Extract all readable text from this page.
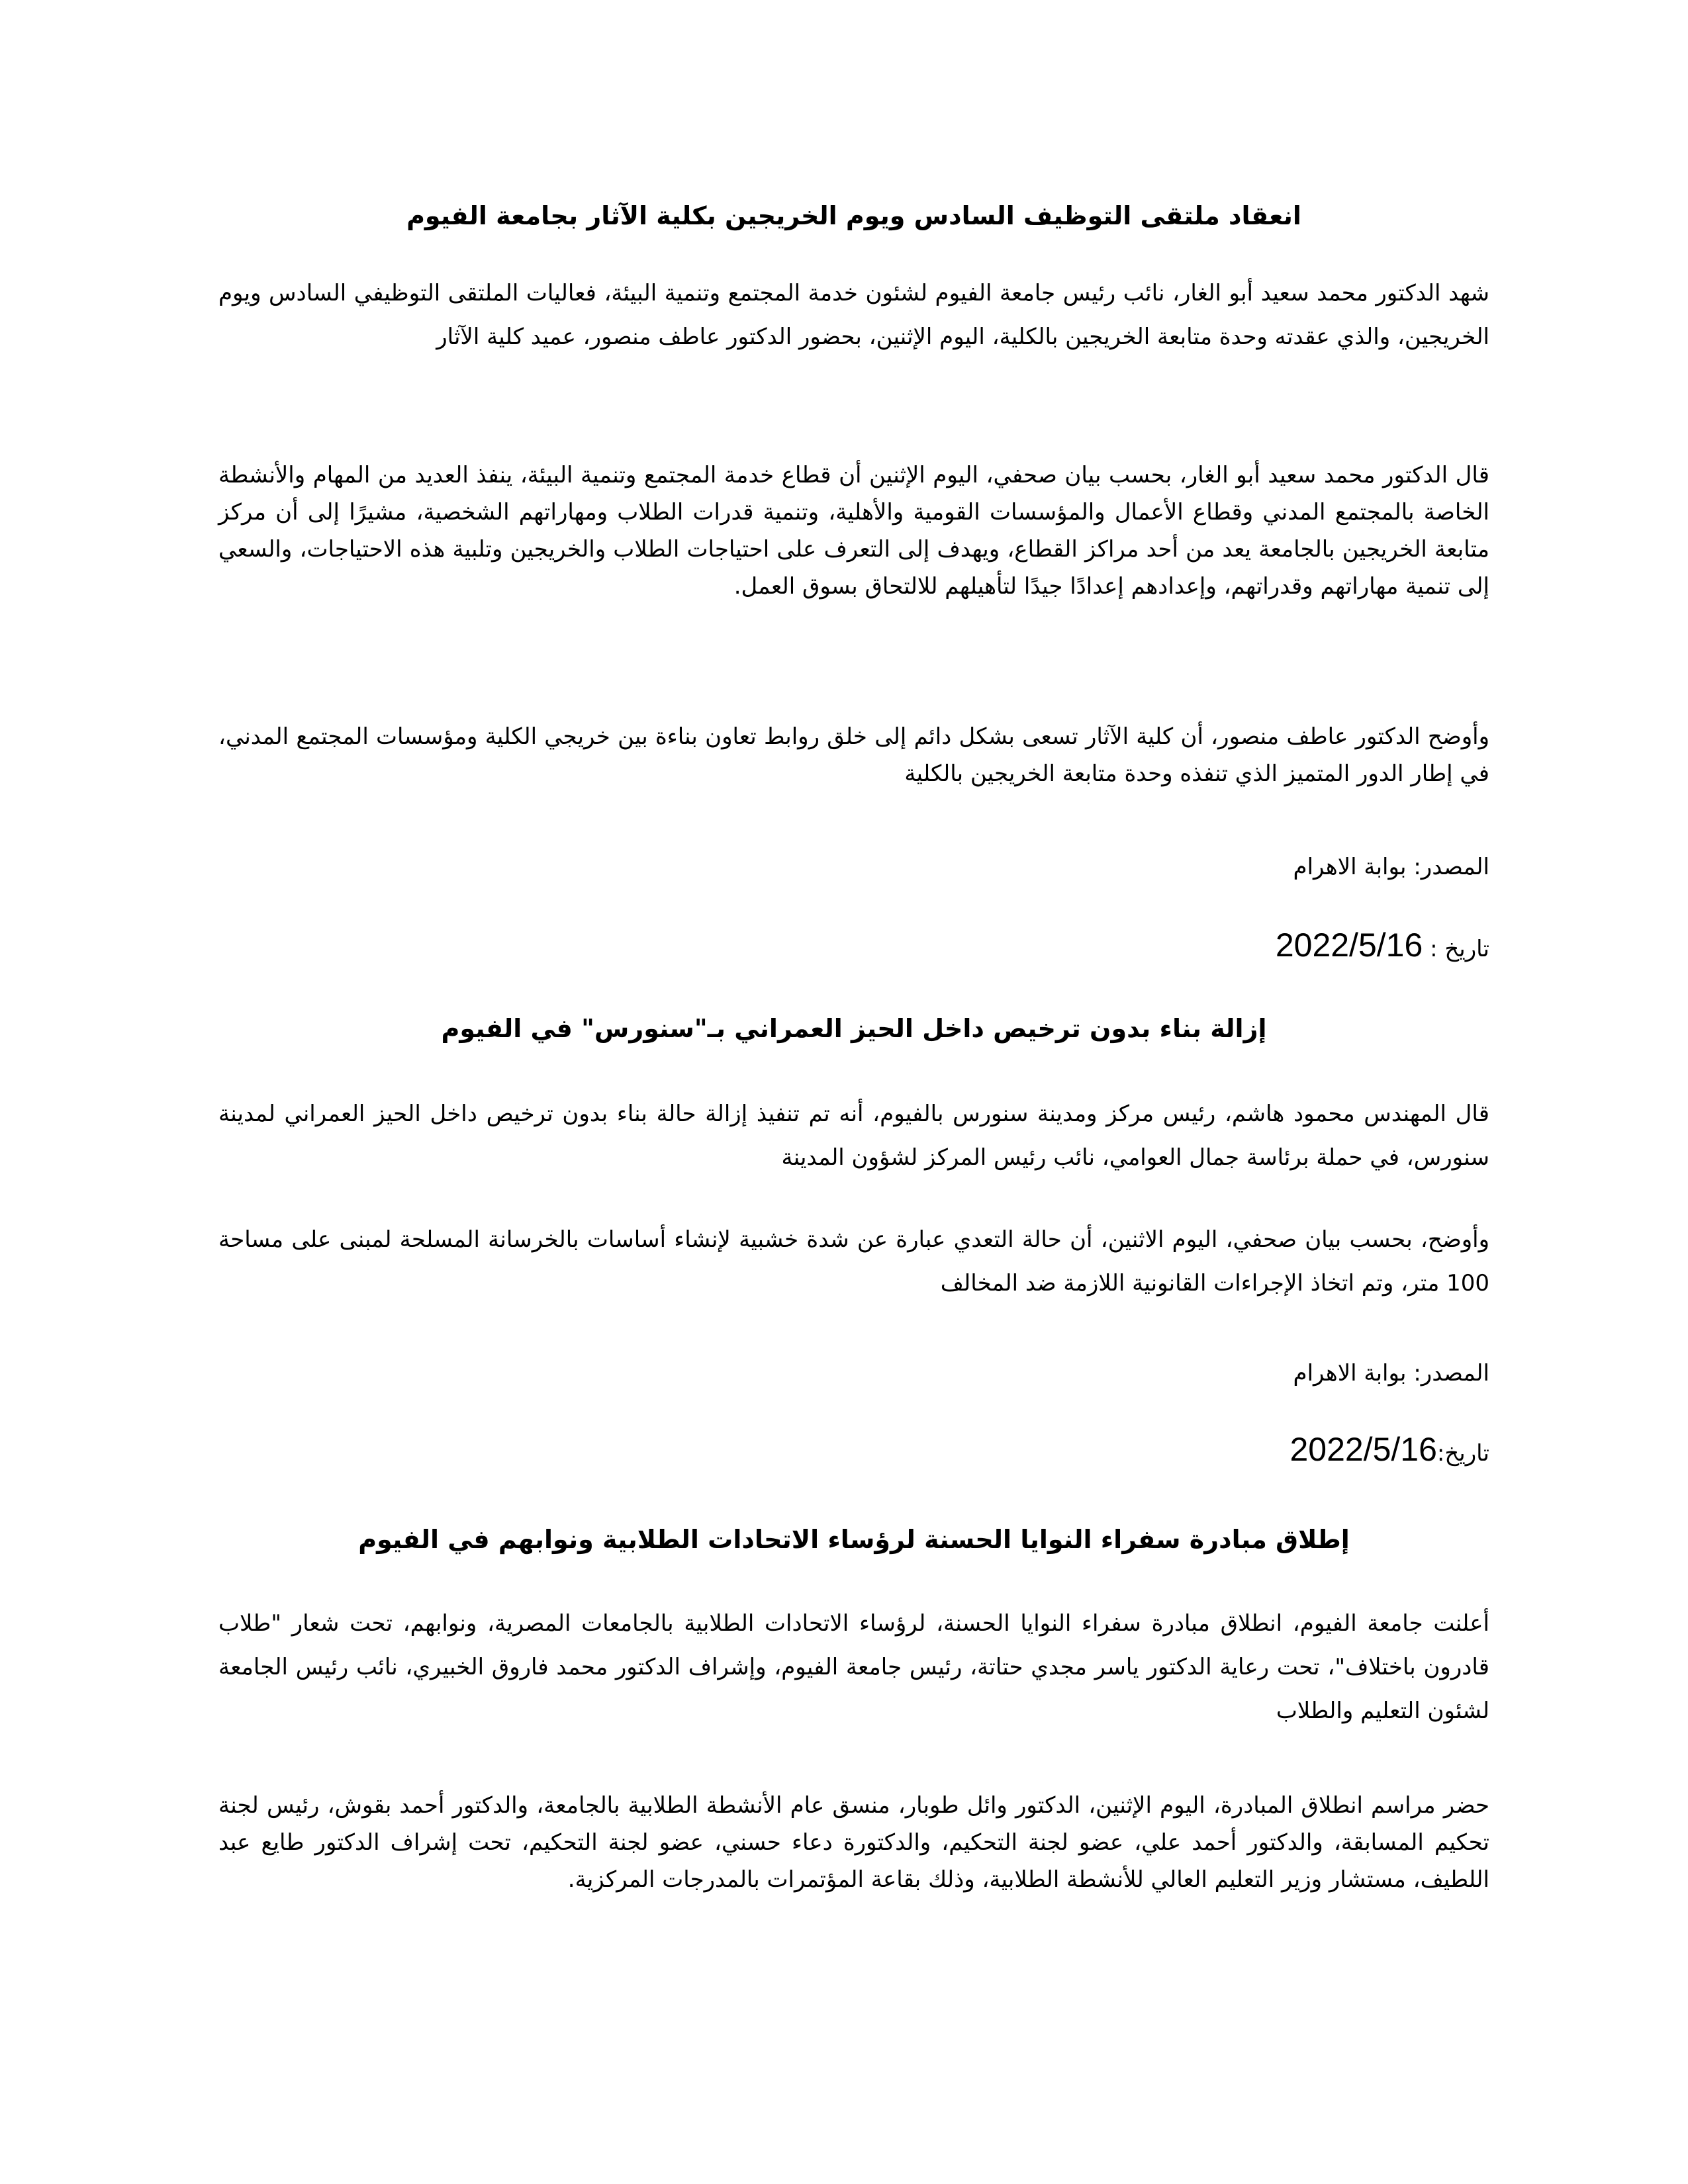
انعقاد ملتقى التوظيف السادس ويوم الخريجين بكلية الآثار بجامعة الفيوم

شهد الدكتور محمد سعيد أبو الغار، نائب رئيس جامعة الفيوم لشئون خدمة المجتمع وتنمية البيئة، فعاليات الملتقى التوظيفي السادس ويوم الخريجين، والذي عقدته وحدة متابعة الخريجين بالكلية، اليوم الإثنين، بحضور الدكتور عاطف منصور، عميد كلية الآثار

قال الدكتور محمد سعيد أبو الغار، بحسب بيان صحفي، اليوم الإثنين أن قطاع خدمة المجتمع وتنمية البيئة، ينفذ العديد من المهام والأنشطة الخاصة بالمجتمع المدني وقطاع الأعمال والمؤسسات القومية والأهلية، وتنمية قدرات الطلاب ومهاراتهم الشخصية، مشيرًا إلى أن مركز متابعة الخريجين بالجامعة يعد من أحد مراكز القطاع، ويهدف إلى التعرف على احتياجات الطلاب والخريجين وتلبية هذه الاحتياجات، والسعي إلى تنمية مهاراتهم وقدراتهم، وإعدادهم إعدادًا جيدًا لتأهيلهم للالتحاق بسوق العمل.

وأوضح الدكتور عاطف منصور، أن كلية الآثار تسعى بشكل دائم إلى خلق روابط تعاون بناءة بين خريجي الكلية ومؤسسات المجتمع المدني، في إطار الدور المتميز الذي تنفذه وحدة متابعة الخريجين بالكلية

المصدر: بوابة الاهرام

تاريخ : 2022/5/16

إزالة بناء بدون ترخيص داخل الحيز العمراني بـ"سنورس" في الفيوم

قال المهندس محمود هاشم، رئيس مركز ومدينة سنورس بالفيوم، أنه تم تنفيذ إزالة حالة بناء بدون ترخيص داخل الحيز العمراني لمدينة سنورس، في حملة برئاسة جمال العوامي، نائب رئيس المركز لشؤون المدينة

وأوضح، بحسب بيان صحفي، اليوم الاثنين، أن حالة التعدي عبارة عن شدة خشبية لإنشاء أساسات بالخرسانة المسلحة لمبنى على مساحة 100 متر، وتم اتخاذ الإجراءات القانونية اللازمة ضد المخالف

المصدر: بوابة الاهرام

تاريخ:2022/5/16

إطلاق مبادرة سفراء النوايا الحسنة لرؤساء الاتحادات الطلابية ونوابهم في الفيوم

أعلنت جامعة الفيوم، انطلاق مبادرة سفراء النوايا الحسنة، لرؤساء الاتحادات الطلابية بالجامعات المصرية، ونوابهم، تحت شعار "طلاب قادرون باختلاف"، تحت رعاية الدكتور ياسر مجدي حتاتة، رئيس جامعة الفيوم، وإشراف الدكتور محمد فاروق الخبيري، نائب رئيس الجامعة لشئون التعليم والطلاب

حضر مراسم انطلاق المبادرة، اليوم الإثنين، الدكتور وائل طوبار، منسق عام الأنشطة الطلابية بالجامعة، والدكتور أحمد بقوش، رئيس لجنة تحكيم المسابقة، والدكتور أحمد علي، عضو لجنة التحكيم، والدكتورة دعاء حسني، عضو لجنة التحكيم، تحت إشراف الدكتور طايع عبد اللطيف، مستشار وزير التعليم العالي للأنشطة الطلابية، وذلك بقاعة المؤتمرات بالمدرجات المركزية.
